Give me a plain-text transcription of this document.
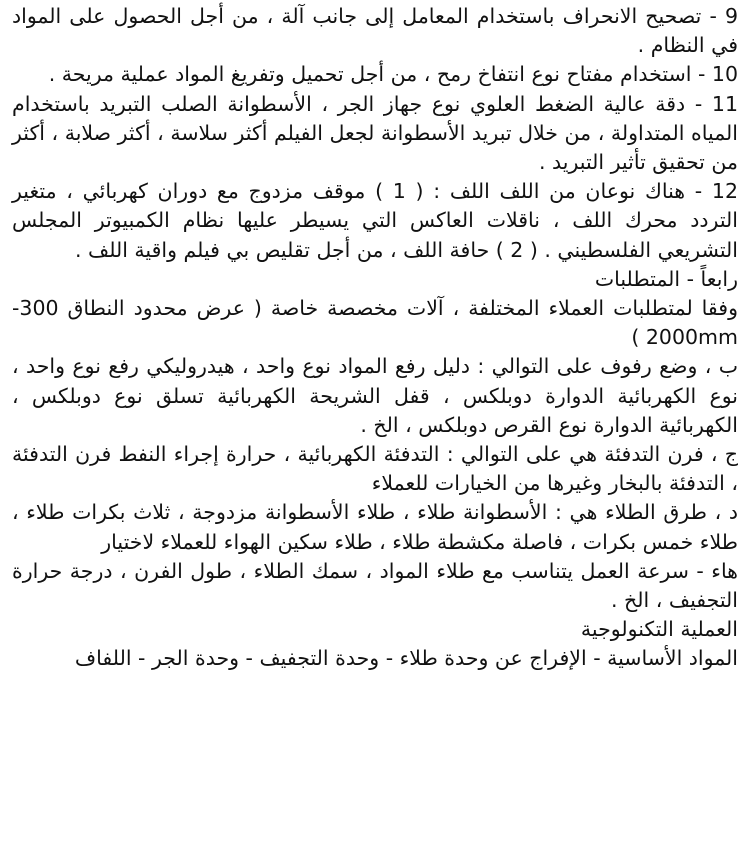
9 - تصحيح الانحراف باستخدام المعامل إلى جانب آلة ، من أجل الحصول على المواد في النظام .

10 - استخدام مفتاح نوع انتفاخ رمح ، من أجل تحميل وتفريغ المواد عملية مريحة .

11 - دقة عالية الضغط العلوي نوع جهاز الجر ، الأسطوانة الصلب التبريد باستخدام المياه المتداولة ، من خلال تبريد الأسطوانة لجعل الفيلم أكثر سلاسة ، أكثر صلابة ، أكثر من تحقيق تأثير التبريد .

12 - هناك نوعان من اللف اللف : ( 1 ) موقف مزدوج مع دوران كهربائي ، متغير التردد محرك اللف ، ناقلات العاكس التي يسيطر عليها نظام الكمبيوتر المجلس التشريعي الفلسطيني . ( 2 ) حافة اللف ، من أجل تقليص بي فيلم واقية اللف .

رابعاً - المتطلبات

وفقا لمتطلبات العملاء المختلفة ، آلات مخصصة خاصة ( عرض محدود النطاق 300-2000mm )

ب ، وضع رفوف على التوالي : دليل رفع المواد نوع واحد ، هيدروليكي رفع نوع واحد ، نوع الكهربائية الدوارة دوبلكس ، قفل الشريحة الكهربائية تسلق نوع دوبلكس ، الكهربائية الدوارة نوع القرص دوبلكس ، الخ .

ج ، فرن التدفئة هي على التوالي : التدفئة الكهربائية ، حرارة إجراء النفط فرن التدفئة ، التدفئة بالبخار وغيرها من الخيارات للعملاء

د ، طرق الطلاء هي : الأسطوانة طلاء ، طلاء الأسطوانة مزدوجة ، ثلاث بكرات طلاء ، طلاء خمس بكرات ، فاصلة مكشطة طلاء ، طلاء سكين الهواء للعملاء لاختيار

هاء - سرعة العمل يتناسب مع طلاء المواد ، سمك الطلاء ، طول الفرن ، درجة حرارة التجفيف ، الخ .

العملية التكنولوجية

المواد الأساسية - الإفراج عن وحدة طلاء - وحدة التجفيف - وحدة الجر - اللفاف
